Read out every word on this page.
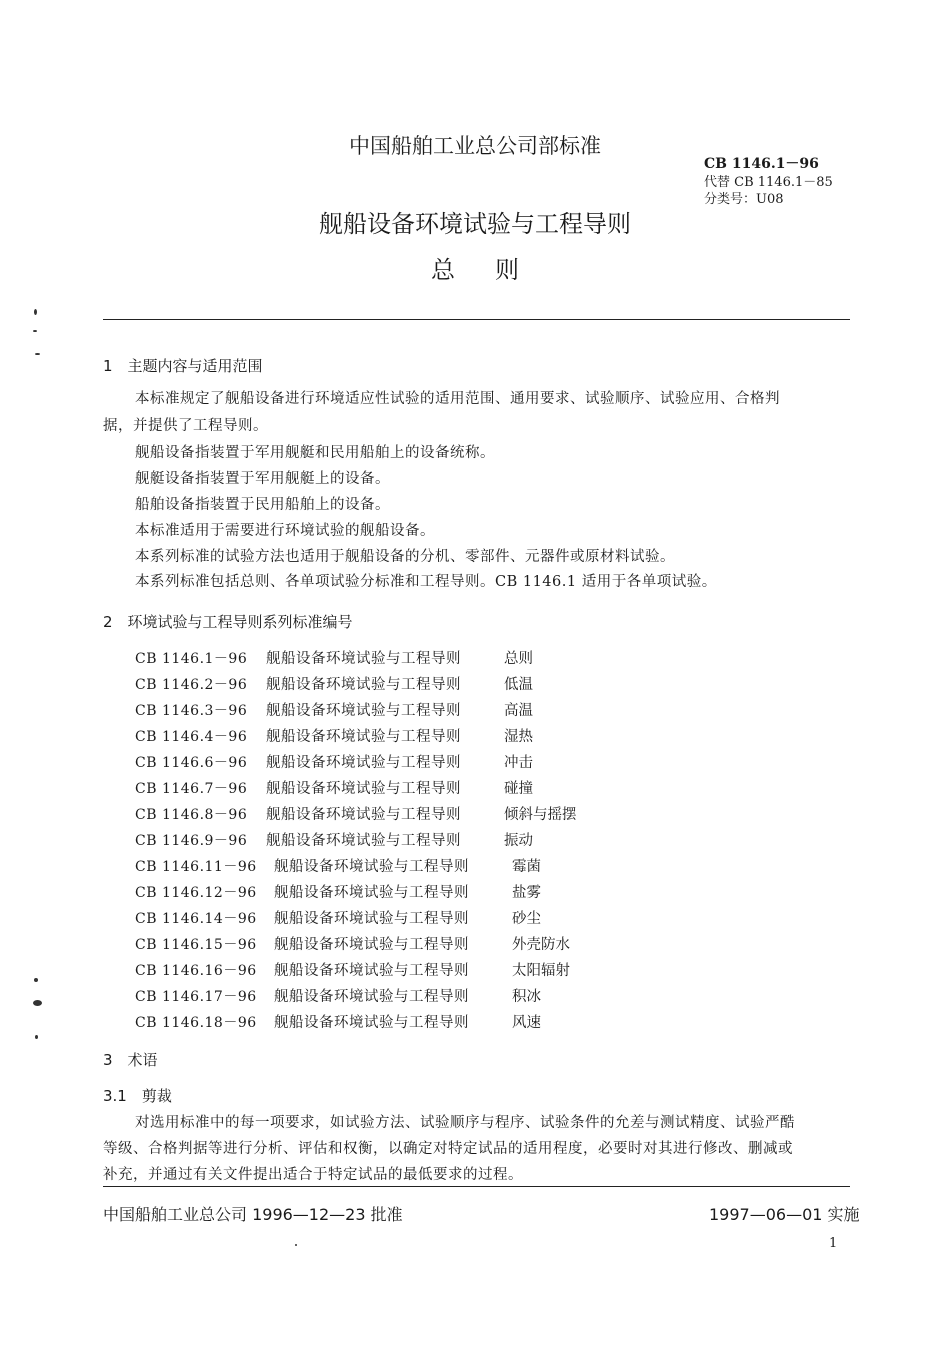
中国船舶工业总公司部标准
CB 1146.1－96
代替 CB 1146.1－85
分类号：U08
舰船设备环境试验与工程导则
总则
1　主题内容与适用范围
本标准规定了舰船设备进行环境适应性试验的适用范围、通用要求、试验顺序、试验应用、合格判
据，并提供了工程导则。
舰船设备指装置于军用舰艇和民用船舶上的设备统称。
舰艇设备指装置于军用舰艇上的设备。
船舶设备指装置于民用船舶上的设备。
本标准适用于需要进行环境试验的舰船设备。
本系列标准的试验方法也适用于舰船设备的分机、零部件、元器件或原材料试验。
本系列标准包括总则、各单项试验分标准和工程导则。CB 1146.1 适用于各单项试验。
2　环境试验与工程导则系列标准编号
CB 1146.1－96 舰船设备环境试验与工程导则	总则
CB 1146.2－96 舰船设备环境试验与工程导则	低温
CB 1146.3－96 舰船设备环境试验与工程导则	高温
CB 1146.4－96 舰船设备环境试验与工程导则	湿热
CB 1146.6－96 舰船设备环境试验与工程导则	冲击
CB 1146.7－96 舰船设备环境试验与工程导则	碰撞
CB 1146.8－96 舰船设备环境试验与工程导则	倾斜与摇摆
CB 1146.9－96 舰船设备环境试验与工程导则	振动
CB 1146.11－96 舰船设备环境试验与工程导则	霉菌
CB 1146.12－96 舰船设备环境试验与工程导则	盐雾
CB 1146.14－96 舰船设备环境试验与工程导则	砂尘
CB 1146.15－96 舰船设备环境试验与工程导则	外壳防水
CB 1146.16－96 舰船设备环境试验与工程导则	太阳辐射
CB 1146.17－96 舰船设备环境试验与工程导则	积冰
CB 1146.18－96 舰船设备环境试验与工程导则	风速
3　术语
3.1　剪裁
对选用标准中的每一项要求，如试验方法、试验顺序与程序、试验条件的允差与测试精度、试验严酷
等级、合格判据等进行分析、评估和权衡，以确定对特定试品的适用程度，必要时对其进行修改、删减或
补充，并通过有关文件提出适合于特定试品的最低要求的过程。
中国船舶工业总公司 1996—12—23 批准	1997—06—01 实施
1
